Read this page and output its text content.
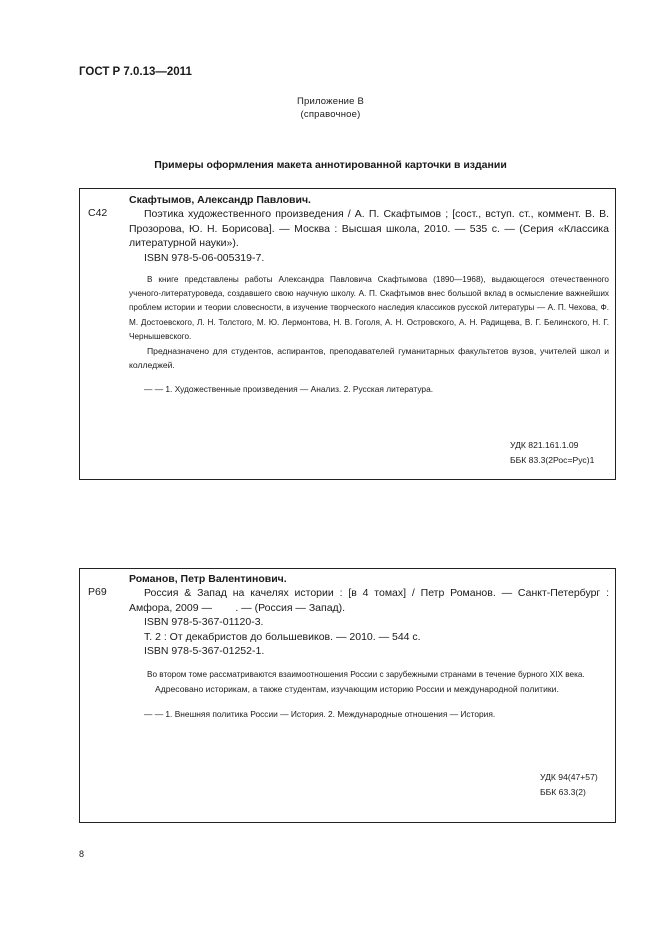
ГОСТ Р 7.0.13—2011
Приложение В
(справочное)
Примеры оформления макета аннотированной карточки в издании
С42
Скафтымов, Александр Павлович.

Поэтика художественного произведения / А. П. Скафтымов ; [сост., вступ. ст., коммент. В. В. Прозорова, Ю. Н. Борисова]. — Москва : Высшая школа, 2010. — 535 с. — (Серия «Классика литературной науки»).

ISBN 978-5-06-005319-7.

В книге представлены работы Александра Павловича Скафтымова (1890—1968), выдающегося отечественного ученого-литературоведа, создавшего свою научную школу. А. П. Скафтымов внес большой вклад в осмысление важнейших проблем истории и теории словесности, в изучение творческого наследия классиков русской литературы — А. П. Чехова, Ф. М. Достоевского, Л. Н. Толстого, М. Ю. Лермонтова, Н. В. Гоголя, А. Н. Островского, А. Н. Радищева, В. Г. Белинского, Н. Г. Чернышевского.

Предназначено для студентов, аспирантов, преподавателей гуманитарных факультетов вузов, учителей школ и колледжей.

— — 1. Художественные произведения — Анализ. 2. Русская литература.
УДК 821.161.1.09
ББК 83.3(2Рос=Рус)1
Р69
Романов, Петр Валентинович.

Россия & Запад на качелях истории : [в 4 томах] / Петр Романов. — Санкт-Петербург : Амфора, 2009 —        . — (Россия — Запад).

ISBN 978-5-367-01120-3.
Т. 2 : От декабристов до большевиков. — 2010. — 544 с.
ISBN 978-5-367-01252-1.

Во втором томе рассматриваются взаимоотношения России с зарубежными странами в течение бурного XIX века.

Адресовано историкам, а также студентам, изучающим историю России и международной политики.

— — 1. Внешняя политика России — История. 2. Международные отношения — История.
УДК 94(47+57)
ББК 63.3(2)
8
